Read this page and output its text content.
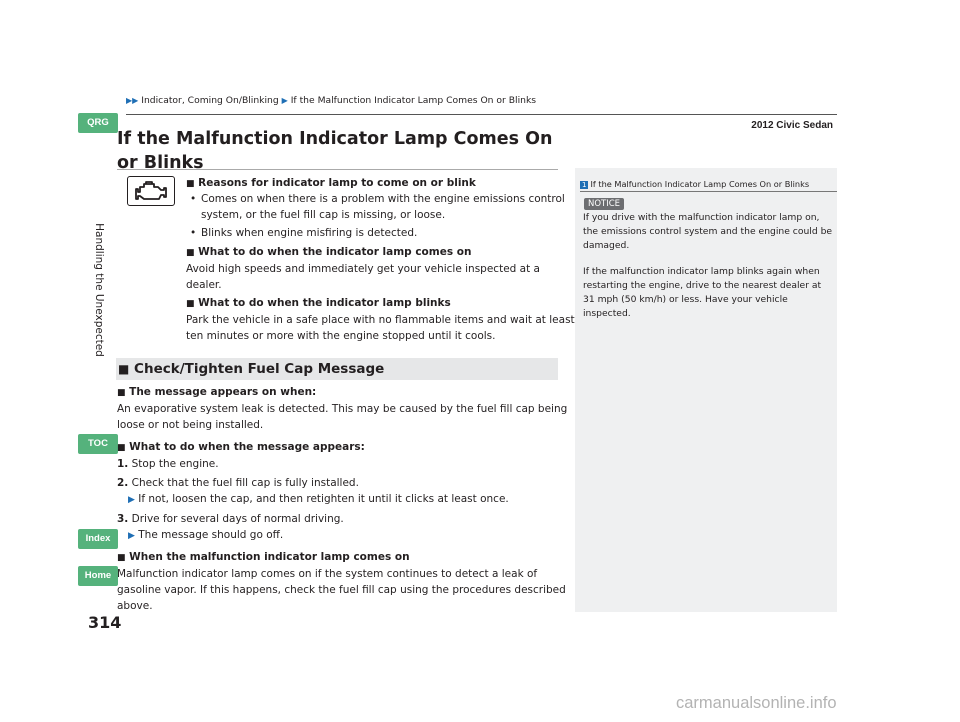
▶▶ Indicator, Coming On/Blinking ▶ If the Malfunction Indicator Lamp Comes On or Blinks
2012 Civic Sedan
QRG
TOC
Index
Home
Handling the Unexpected
314
If the Malfunction Indicator Lamp Comes On
or Blinks
■ Reasons for indicator lamp to come on or blink
• Comes on when there is a problem with the engine emissions control
system, or the fuel fill cap is missing, or loose.
• Blinks when engine misfiring is detected.
■ What to do when the indicator lamp comes on
Avoid high speeds and immediately get your vehicle inspected at a
dealer.
■ What to do when the indicator lamp blinks
Park the vehicle in a safe place with no flammable items and wait at least
ten minutes or more with the engine stopped until it cools.
■ Check/Tighten Fuel Cap Message
■ The message appears on when:
An evaporative system leak is detected. This may be caused by the fuel fill cap being
loose or not being installed.
■ What to do when the message appears:
1. Stop the engine.
2. Check that the fuel fill cap is fully installed.
▶ If not, loosen the cap, and then retighten it until it clicks at least once.
3. Drive for several days of normal driving.
▶ The message should go off.
■ When the malfunction indicator lamp comes on
Malfunction indicator lamp comes on if the system continues to detect a leak of
gasoline vapor. If this happens, check the fuel fill cap using the procedures described
above.
1 If the Malfunction Indicator Lamp Comes On or Blinks
NOTICE
If you drive with the malfunction indicator lamp on,
the emissions control system and the engine could be
damaged.
If the malfunction indicator lamp blinks again when
restarting the engine, drive to the nearest dealer at
31 mph (50 km/h) or less. Have your vehicle
inspected.
carmanualsonline.info
